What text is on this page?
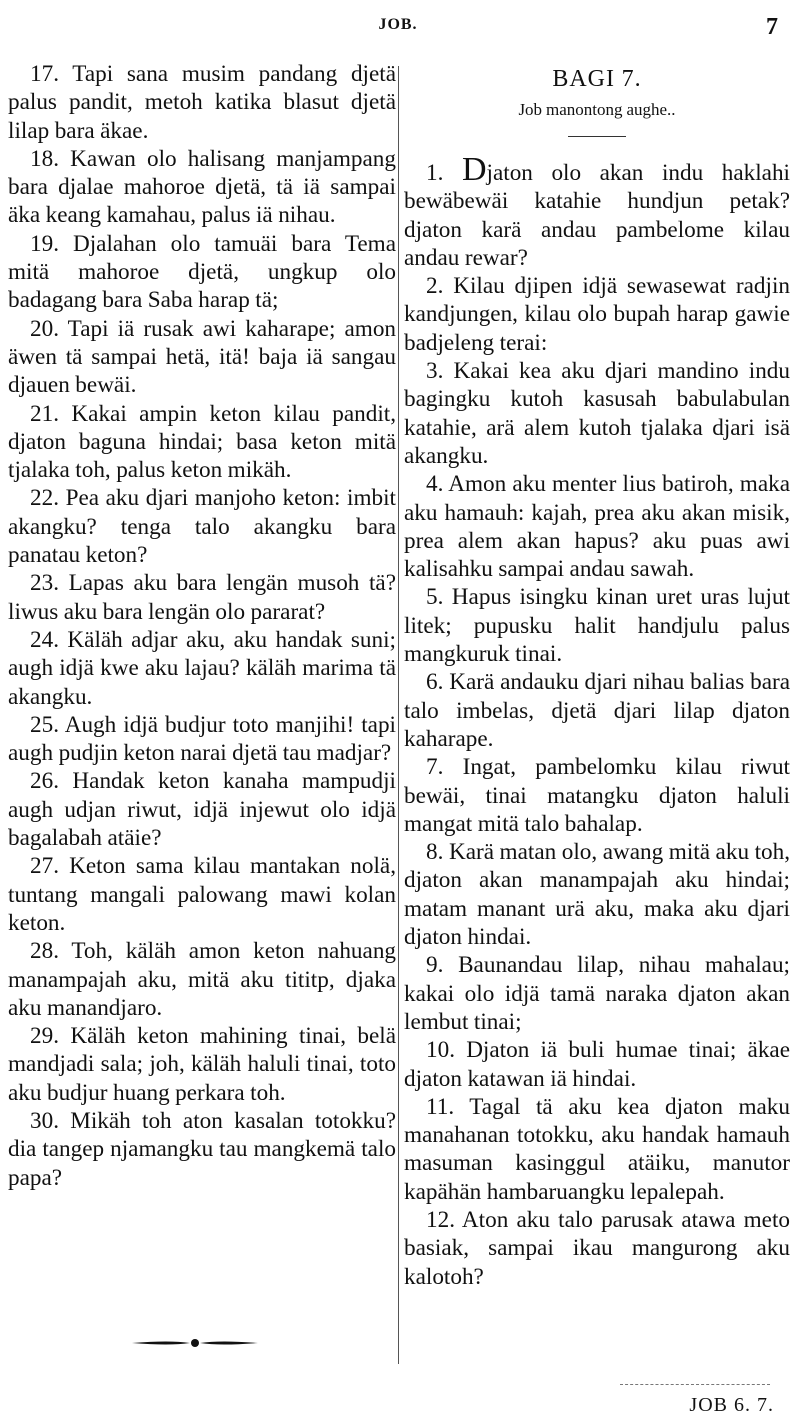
JOB.	7

17. Tapi sana musim pandang djetä palus pandit, metoh katika blasut djetä lilap bara äkae.

18. Kawan olo halisang manjampang bara djalae mahoroe djetä, tä iä sampai äka keang kamahau, palus iä nihau.

19. Djalahan olo tamuäi bara Tema mitä mahoroe djetä, ungkup olo badagang bara Saba harap tä;

20. Tapi iä rusak awi kaharape; amon äwen tä sampai hetä, itä! baja iä sangau djauen bewäi.

21. Kakai ampin keton kilau pandit, djaton baguna hindai; basa keton mitä tjalaka toh, palus keton mikäh.

22. Pea aku djari manjoho keton: imbit akangku? tenga talo akangku bara panatau keton?

23. Lapas aku bara lengän musoh tä? liwus aku bara lengän olo pararat?

24. Käläh adjar aku, aku handak suni; augh idjä kwe aku lajau? käläh marima tä akangku.

25. Augh idjä budjur toto manjihi! tapi augh pudjin keton narai djetä tau madjar?

26. Handak keton kanaha mampudji augh udjan riwut, idjä injewut olo idjä bagalabah atäie?

27. Keton sama kilau mantakan nolä, tuntang mangali palowang mawi kolan keton.

28. Toh, käläh amon keton nahuang manampajah aku, mitä aku tititp, djaka aku manandjaro.

29. Käläh keton mahining tinai, belä mandjadi sala; joh, käläh haluli tinai, toto aku budjur huang perkara toh.

30. Mikäh toh aton kasalan totokku? dia tangep njamangku tau mangkemä talo papa?

BAGI 7.
Job manontong aughe..

1. Djaton olo akan indu haklahi bewäbewäi katahie hundjun petak? djaton karä andau pambelome kilau andau rewar?

2. Kilau djipen idjä sewasewat radjin kandjungen, kilau olo bupah harap gawie badjeleng terai:

3. Kakai kea aku djari mandino indu bagingku kutoh kasusah babulabulan katahie, arä alem kutoh tjalaka djari isä akangku.

4. Amon aku menter lius batiroh, maka aku hamauh: kajah, prea aku akan misik, prea alem akan hapus? aku puas awi kalisahku sampai andau sawah.

5. Hapus isingku kinan uret uras lujut litek; pupusku halit handjulu palus mangkuruk tinai.

6. Karä andauku djari nihau balias bara talo imbelas, djetä djari lilap djaton kaharape.

7. Ingat, pambelomku kilau riwut bewäi, tinai matangku djaton haluli mangat mitä talo bahalap.

8. Karä matan olo, awang mitä aku toh, djaton akan manampajah aku hindai; matam manant urä aku, maka aku djari djaton hindai.

9. Baunandau lilap, nihau mahalau; kakai olo idjä tamä naraka djaton akan lembut tinai;

10. Djaton iä buli humae tinai; äkae djaton katawan iä hindai.

11. Tagal tä aku kea djaton maku manahanan totokku, aku handak hamauh masuman kasinggul atäiku, manutor kapähän hambaruangku lepalepah.

12. Aton aku talo parusak atawa meto basiak, sampai ikau mangurong aku kalotoh?

JOB 6. 7.
